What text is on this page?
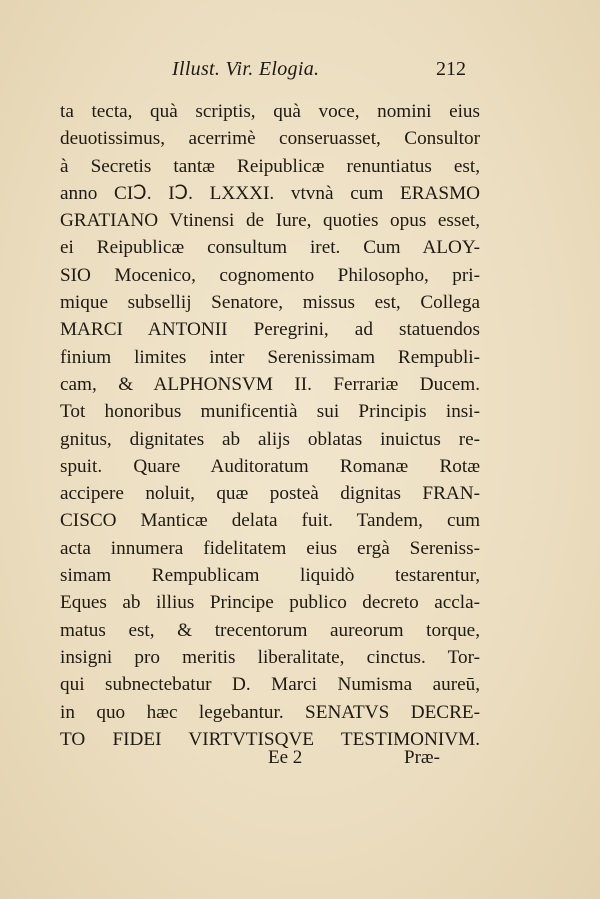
Illust. Vir. Elogia.	212
ta tecta, quà scriptis, quà voce, nomini eius
deuotissimus, acerrimè conseruasset, Consultor
à Secretis tantæ Reipublicæ renuntiatus est,
anno CIↃ. IↃ. LXXXI. vtvnà cum ERASMO
GRATIANO Vtinensi de Iure, quoties opus esset,
ei Reipublicæ consultum iret. Cum ALOY-
SIO Mocenico, cognomento Philosopho, pri-
mique subsellij Senatore, missus est, Collega
MARCI ANTONII Peregrini, ad statuendos
finium limites inter Serenissimam Rempubli-
cam, & ALPHONSVM II. Ferrariæ Ducem.
Tot honoribus munificentià sui Principis insi-
gnitus, dignitates ab alijs oblatas inuictus re-
spuit. Quare Auditoratum Romanæ Rotæ
accipere noluit, quæ posteà dignitas FRAN-
CISCO Manticæ delata fuit. Tandem, cum
acta innumera fidelitatem eius ergà Sereniss-
simam Rempublicam liquidò testarentur,
Eques ab illius Principe publico decreto accla-
matus est, & trecentorum aureorum torque,
insigni pro meritis liberalitate, cinctus. Tor-
qui subnectebatur D. Marci Numisma aureū,
in quo hæc legebantur. SENATVS DECRE-
TO FIDEI VIRTVTISQVE TESTIMONIVM.
Ee 2	Præ-
